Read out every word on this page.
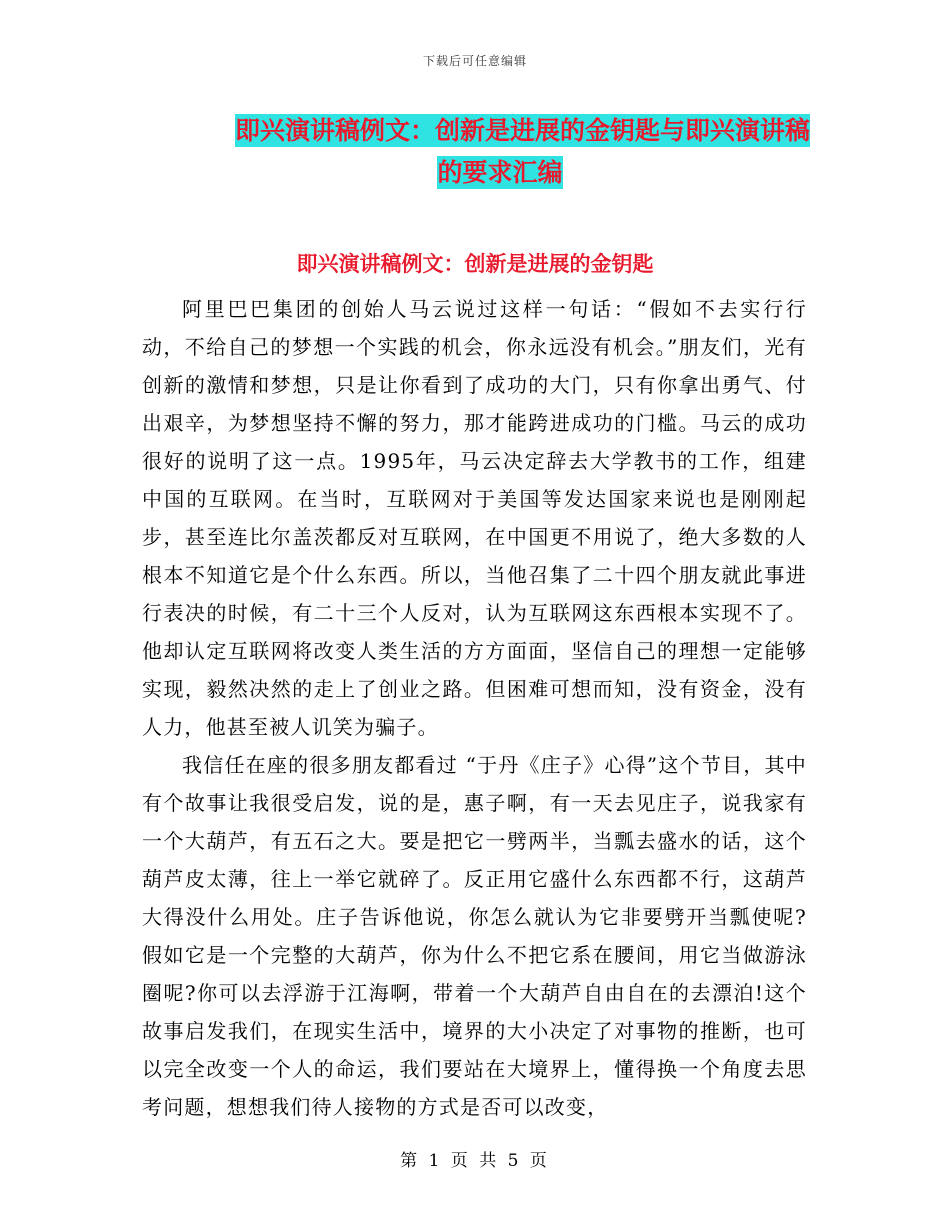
下载后可任意编辑
即兴演讲稿例文：创新是进展的金钥匙与即兴演讲稿
的要求汇编
即兴演讲稿例文：创新是进展的金钥匙

阿里巴巴集团的创始人马云说过这样一句话：“假如不去实行行动，不给自己的梦想一个实践的机会，你永远没有机会。”朋友们，光有创新的激情和梦想，只是让你看到了成功的大门，只有你拿出勇气、付出艰辛，为梦想坚持不懈的努力，那才能跨进成功的门槛。马云的成功很好的说明了这一点。1995年，马云决定辞去大学教书的工作，组建中国的互联网。在当时，互联网对于美国等发达国家来说也是刚刚起步，甚至连比尔盖茨都反对互联网，在中国更不用说了，绝大多数的人根本不知道它是个什么东西。所以，当他召集了二十四个朋友就此事进行表决的时候，有二十三个人反对，认为互联网这东西根本实现不了。他却认定互联网将改变人类生活的方方面面，坚信自己的理想一定能够实现，毅然决然的走上了创业之路。但困难可想而知，没有资金，没有人力，他甚至被人讥笑为骗子。

我信任在座的很多朋友都看过 “于丹《庄子》心得”这个节目，其中有个故事让我很受启发，说的是，惠子啊，有一天去见庄子，说我家有一个大葫芦，有五石之大。要是把它一劈两半，当瓢去盛水的话，这个葫芦皮太薄，往上一举它就碎了。反正用它盛什么东西都不行，这葫芦大得没什么用处。庄子告诉他说，你怎么就认为它非要劈开当瓢使呢?假如它是一个完整的大葫芦，你为什么不把它系在腰间，用它当做游泳圈呢?你可以去浮游于江海啊，带着一个大葫芦自由自在的去漂泊!这个故事启发我们，在现实生活中，境界的大小决定了对事物的推断，也可以完全改变一个人的命运，我们要站在大境界上，懂得换一个角度去思考问题，想想我们待人接物的方式是否可以改变，

第 1 页 共 5 页
